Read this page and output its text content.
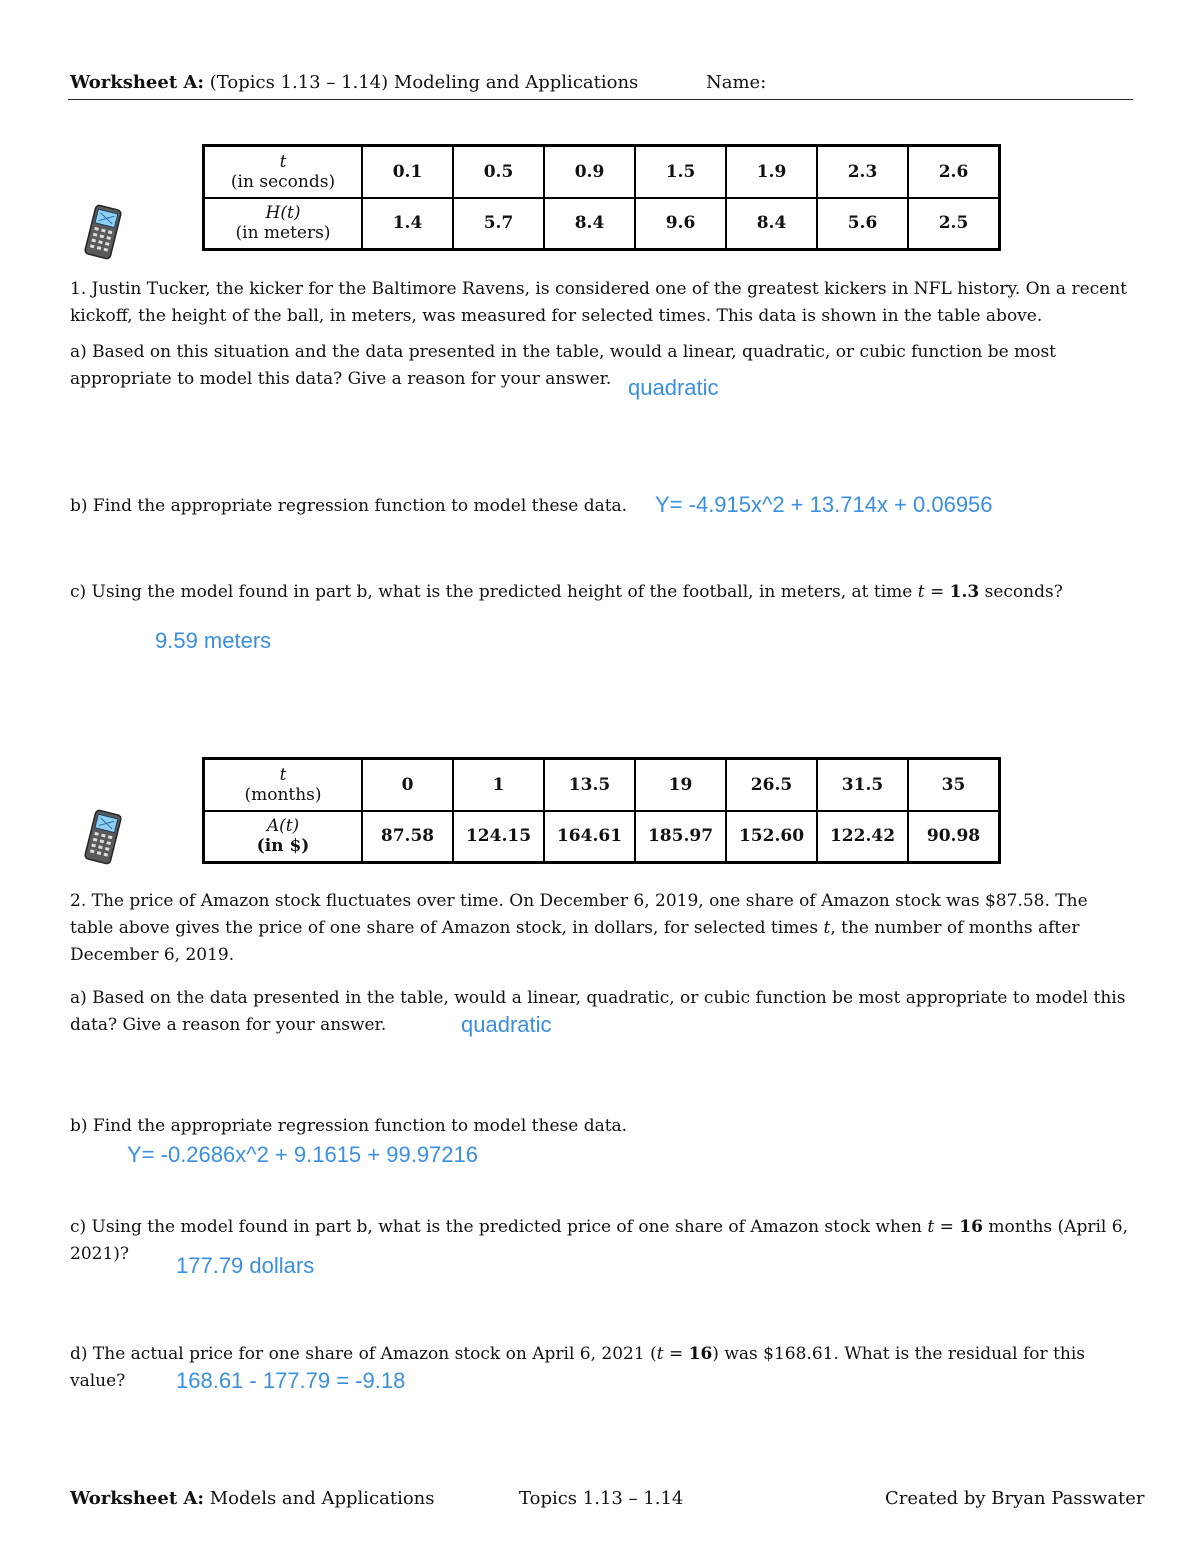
Worksheet A: (Topics 1.13 – 1.14) Modeling and Applications	Name:
t
(in seconds)	0.1	0.5	0.9	1.5	1.9	2.3	2.6
H(t)
(in meters)	1.4	5.7	8.4	9.6	8.4	5.6	2.5
1. Justin Tucker, the kicker for the Baltimore Ravens, is considered one of the greatest kickers in NFL history. On a recent kickoff, the height of the ball, in meters, was measured for selected times. This data is shown in the table above.
a) Based on this situation and the data presented in the table, would a linear, quadratic, or cubic function be most appropriate to model this data? Give a reason for your answer. quadratic
b) Find the appropriate regression function to model these data.	Y= -4.915x^2 + 13.714x + 0.06956
c) Using the model found in part b, what is the predicted height of the football, in meters, at time t = 1.3 seconds?
9.59 meters
t
(months)	0	1	13.5	19	26.5	31.5	35
A(t)
(in $)	87.58	124.15	164.61	185.97	152.60	122.42	90.98
2. The price of Amazon stock fluctuates over time. On December 6, 2019, one share of Amazon stock was $87.58. The table above gives the price of one share of Amazon stock, in dollars, for selected times t, the number of months after December 6, 2019.
a) Based on the data presented in the table, would a linear, quadratic, or cubic function be most appropriate to model this data? Give a reason for your answer.	quadratic
b) Find the appropriate regression function to model these data.
Y= -0.2686x^2 + 9.1615 + 99.97216
c) Using the model found in part b, what is the predicted price of one share of Amazon stock when t = 16 months (April 6, 2021)?	177.79 dollars
d) The actual price for one share of Amazon stock on April 6, 2021 (t = 16) was $168.61. What is the residual for this value?	168.61 - 177.79 = -9.18
Worksheet A: Models and Applications	Topics 1.13 – 1.14	Created by Bryan Passwater
